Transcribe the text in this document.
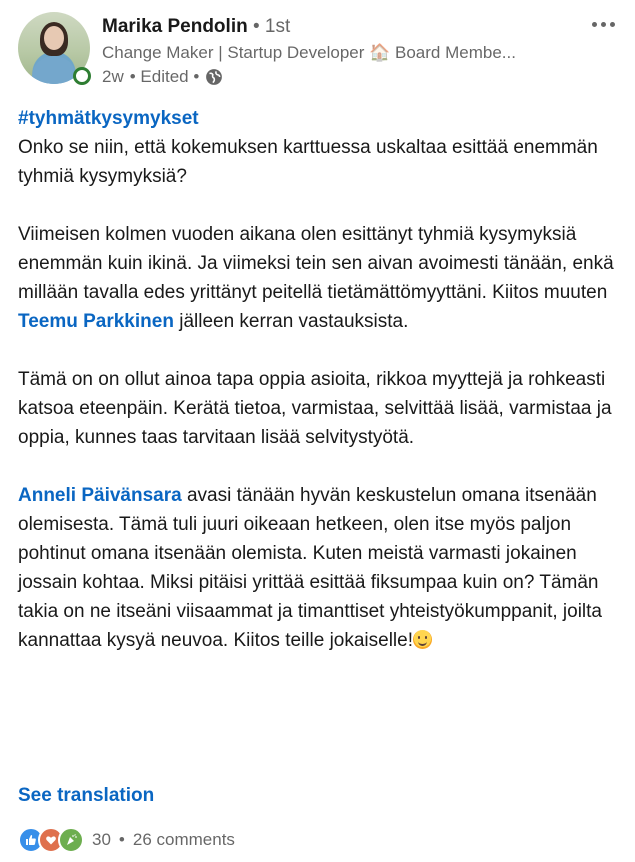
Marika Pendolin • 1st
Change Maker | Startup Developer 🏠 Board Membe...
2w • Edited •
#tyhmätkysymykset

Onko se niin, että kokemuksen karttuessa uskaltaa esittää enemmän tyhmiä kysymyksiä?

Viimeisen kolmen vuoden aikana olen esittänyt tyhmiä kysymyksiä enemmän kuin ikinä. Ja viimeksi tein sen aivan avoimesti tänään, enkä millään tavalla edes yrittänyt peitellä tietämättömyyttäni. Kiitos muuten Teemu Parkkinen jälleen kerran vastauksista.

Tämä on on ollut ainoa tapa oppia asioita, rikkoa myyttejä ja rohkeasti katsoa eteenpäin. Kerätä tietoa, varmistaa, selvittää lisää, varmistaa ja oppia, kunnes taas tarvitaan lisää selvitystyötä.

Anneli Päivänsara avasi tänään hyvän keskustelun omana itsenään olemisesta. Tämä tuli juuri oikeaan hetkeen, olen itse myös paljon pohtinut omana itsenään olemista. Kuten meistä varmasti jokainen jossain kohtaa. Miksi pitäisi yrittää esittää fiksumpaa kuin on? Tämän takia on ne itseäni viisaammat ja timanttiset yhteistyökumppanit, joilta kannattaa kysyä neuvoa. Kiitos teille jokaiselle!

See translation
30 • 26 comments
